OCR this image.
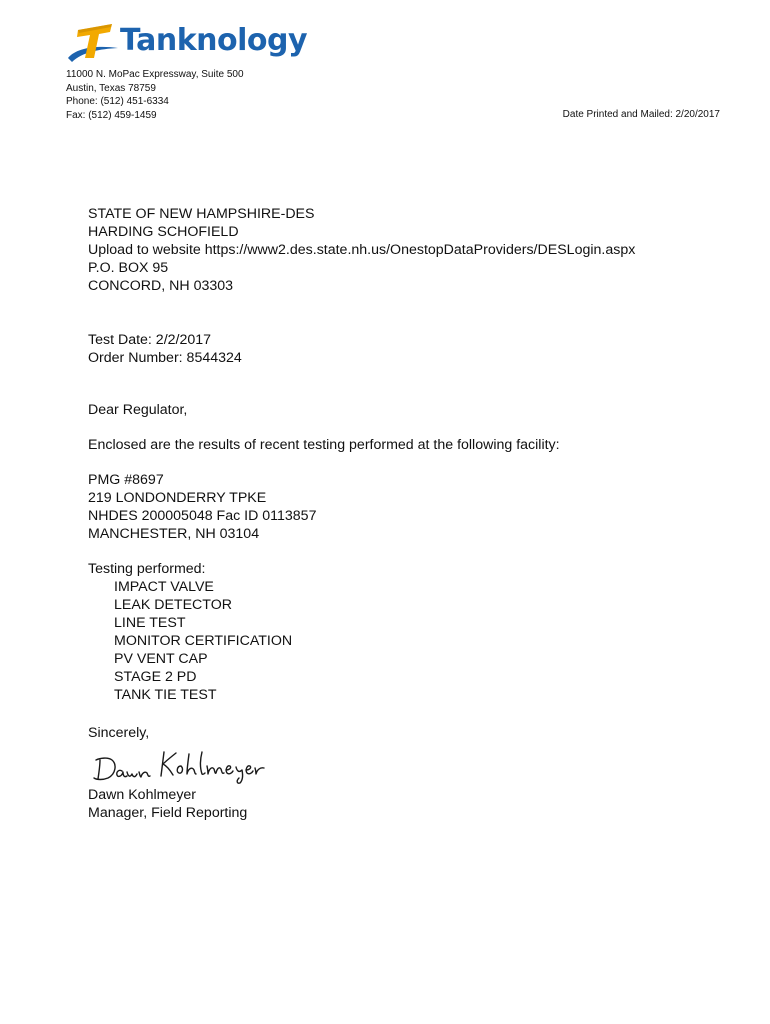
Tanknology
11000 N. MoPac Expressway, Suite 500
Austin, Texas 78759
Phone: (512) 451-6334
Fax: (512) 459-1459	Date Printed and Mailed: 2/20/2017
STATE OF NEW HAMPSHIRE-DES
HARDING SCHOFIELD
Upload to website https://www2.des.state.nh.us/OnestopDataProviders/DESLogin.aspx
P.O. BOX 95
CONCORD, NH 03303
Test Date: 2/2/2017
Order Number: 8544324
Dear Regulator,
Enclosed are the results of recent testing performed at the following facility:
PMG #8697
219 LONDONDERRY TPKE
NHDES 200005048 Fac ID 0113857
MANCHESTER, NH 03104
Testing performed:
IMPACT VALVE
LEAK DETECTOR
LINE TEST
MONITOR CERTIFICATION
PV VENT CAP
STAGE 2 PD
TANK TIE TEST
Sincerely,
Dawn Kohlmeyer
Manager, Field Reporting
